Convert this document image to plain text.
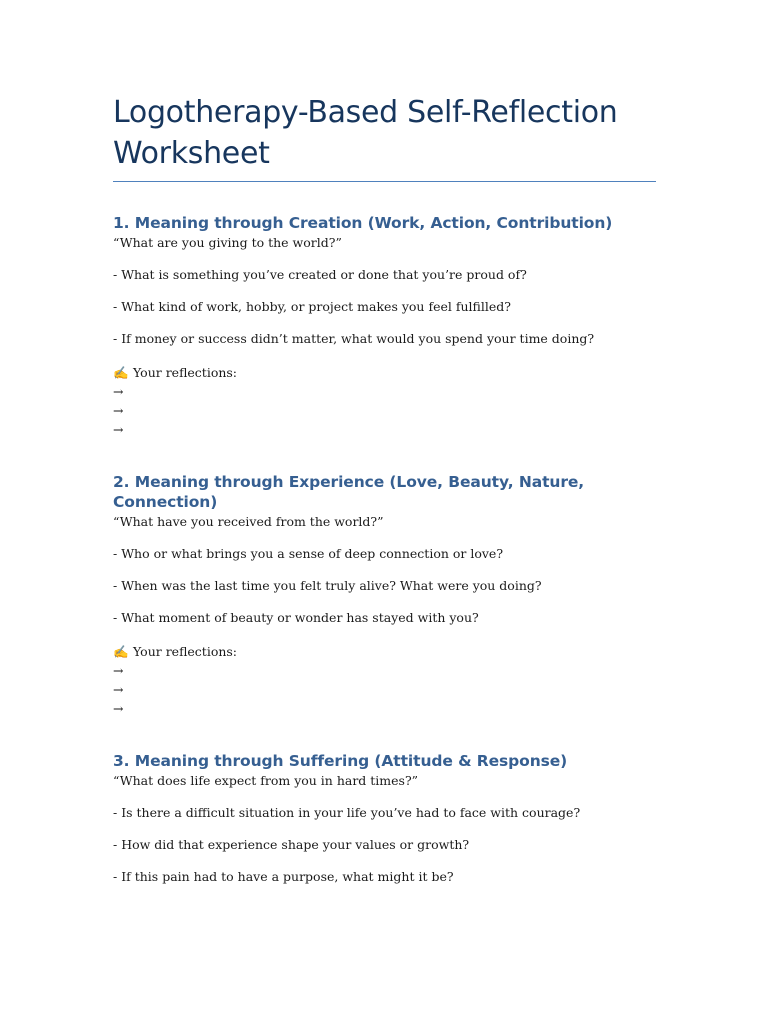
Logotherapy-Based Self-Reflection Worksheet
1. Meaning through Creation (Work, Action, Contribution)
“What are you giving to the world?”
- What is something you’ve created or done that you’re proud of?
- What kind of work, hobby, or project makes you feel fulfilled?
- If money or success didn’t matter, what would you spend your time doing?
✍ Your reflections:
→
→
→
2. Meaning through Experience (Love, Beauty, Nature, Connection)
“What have you received from the world?”
- Who or what brings you a sense of deep connection or love?
- When was the last time you felt truly alive? What were you doing?
- What moment of beauty or wonder has stayed with you?
✍ Your reflections:
→
→
→
3. Meaning through Suffering (Attitude & Response)
“What does life expect from you in hard times?”
- Is there a difficult situation in your life you’ve had to face with courage?
- How did that experience shape your values or growth?
- If this pain had to have a purpose, what might it be?
